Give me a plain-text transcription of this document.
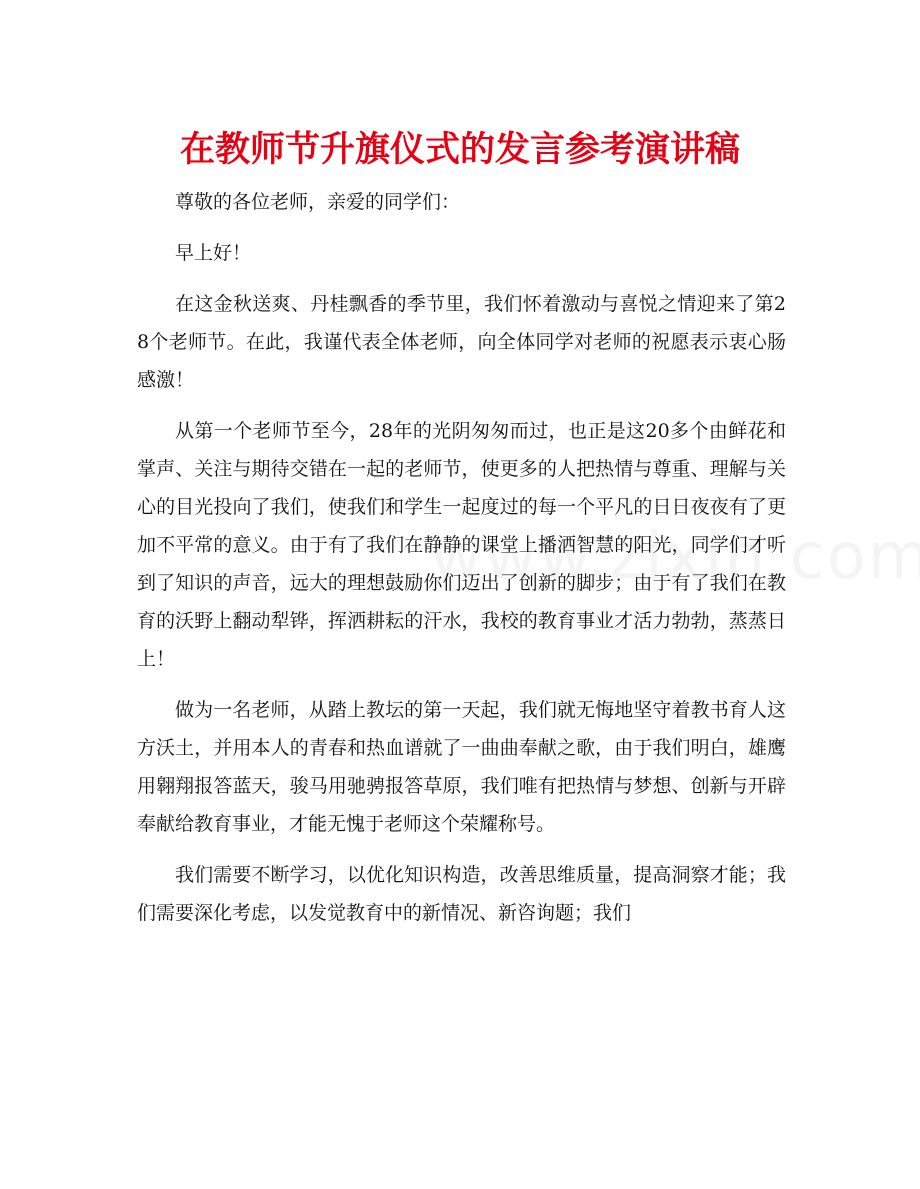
在教师节升旗仪式的发言参考演讲稿

尊敬的各位老师，亲爱的同学们：

早上好！

在这金秋送爽、丹桂飘香的季节里，我们怀着激动与喜悦之情迎来了第28个老师节。在此，我谨代表全体老师，向全体同学对老师的祝愿表示衷心肠感激！

从第一个老师节至今，28年的光阴匆匆而过，也正是这20多个由鲜花和掌声、关注与期待交错在一起的老师节，使更多的人把热情与尊重、理解与关心的目光投向了我们，使我们和学生一起度过的每一个平凡的日日夜夜有了更加不平常的意义。由于有了我们在静静的课堂上播洒智慧的阳光，同学们才听到了知识的声音，远大的理想鼓励你们迈出了创新的脚步；由于有了我们在教育的沃野上翻动犁铧，挥洒耕耘的汗水，我校的教育事业才活力勃勃，蒸蒸日上！

做为一名老师，从踏上教坛的第一天起，我们就无悔地坚守着教书育人这方沃土，并用本人的青春和热血谱就了一曲曲奉献之歌，由于我们明白，雄鹰用翱翔报答蓝天，骏马用驰骋报答草原，我们唯有把热情与梦想、创新与开辟奉献给教育事业，才能无愧于老师这个荣耀称号。

我们需要不断学习，以优化知识构造，改善思维质量，提高洞察才能；我们需要深化考虑，以发觉教育中的新情况、新咨询题；我们
